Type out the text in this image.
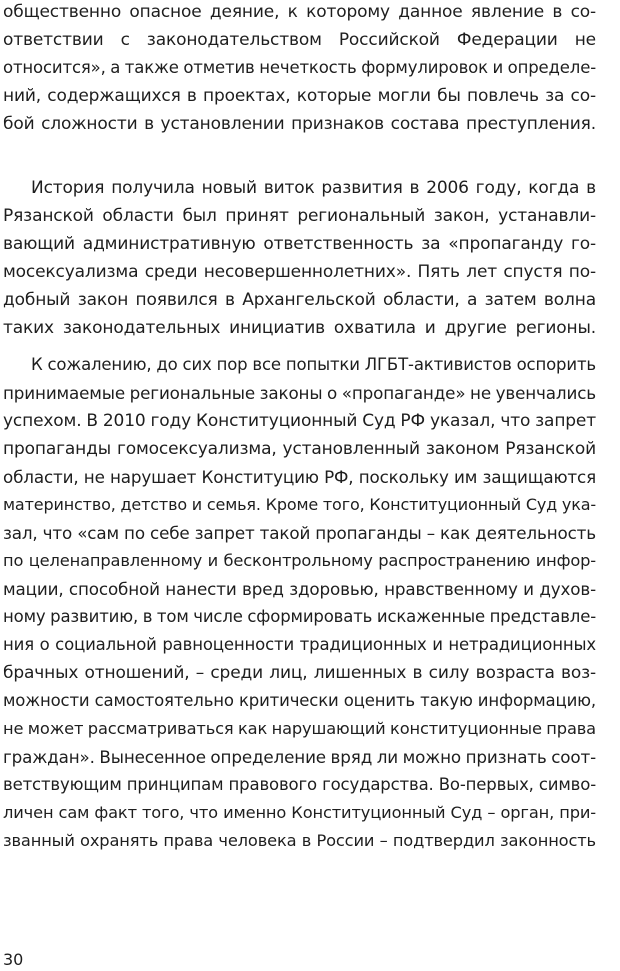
общественно опасное деяние, к которому данное явление в со-
ответствии с законодательством Российской Федерации не
относится», а также отметив нечеткость формулировок и определе-
ний, содержащихся в проектах, которые могли бы повлечь за со-
бой сложности в установлении признаков состава преступления.
История получила новый виток развития в 2006 году, когда в
Рязанской области был принят региональный закон, устанавли-
вающий административную ответственность за «пропаганду го-
мосексуализма среди несовершеннолетних». Пять лет спустя по-
добный закон появился в Архангельской области, а затем волна
таких законодательных инициатив охватила и другие регионы.
К сожалению, до сих пор все попытки ЛГБТ-активистов оспорить
принимаемые региональные законы о «пропаганде» не увенчались
успехом. В 2010 году Конституционный Суд РФ указал, что запрет
пропаганды гомосексуализма, установленный законом Рязанской
области, не нарушает Конституцию РФ, поскольку им защищаются
материнство, детство и семья. Кроме того, Конституционный Суд ука-
зал, что «сам по себе запрет такой пропаганды – как деятельность
по целенаправленному и бесконтрольному распространению инфор-
мации, способной нанести вред здоровью, нравственному и духов-
ному развитию, в том числе сформировать искаженные представле-
ния о социальной равноценности традиционных и нетрадиционных
брачных отношений, – среди лиц, лишенных в силу возраста воз-
можности самостоятельно критически оценить такую информацию,
не может рассматриваться как нарушающий конституционные права
граждан». Вынесенное определение вряд ли можно признать соот-
ветствующим принципам правового государства. Во-первых, симво-
личен сам факт того, что именно Конституционный Суд – орган, при-
званный охранять права человека в России – подтвердил законность
30
